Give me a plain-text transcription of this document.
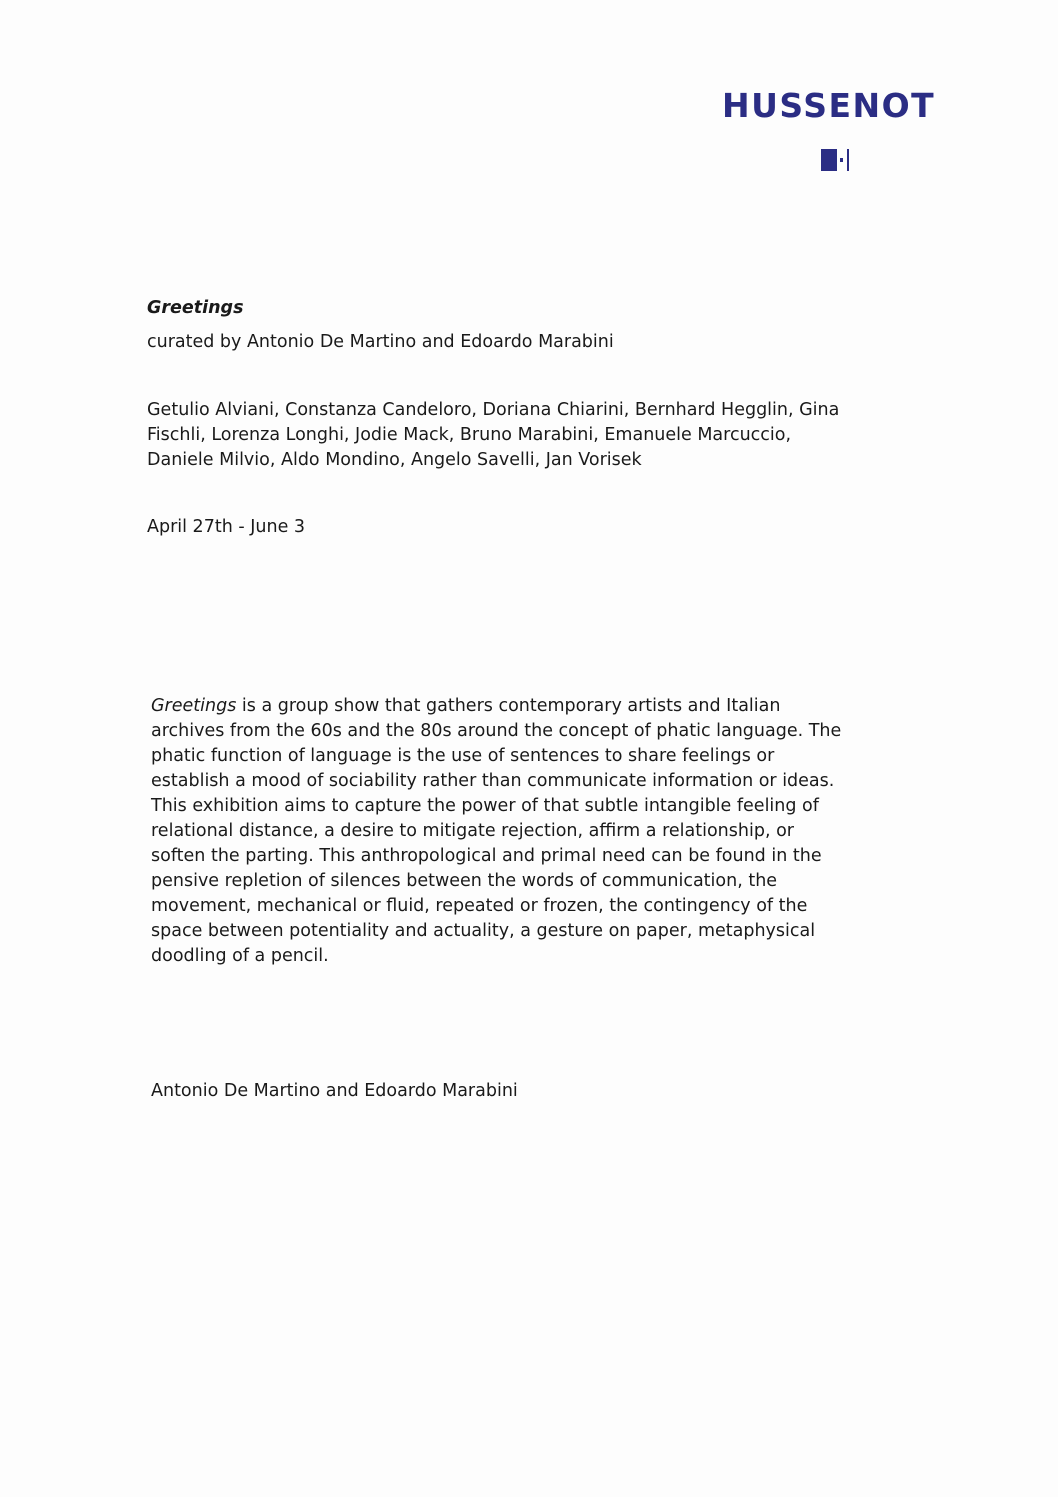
HUSSENOT
Greetings
curated by Antonio De Martino and Edoardo Marabini
Getulio Alviani, Constanza Candeloro, Doriana Chiarini, Bernhard Hegglin, Gina
Fischli, Lorenza Longhi, Jodie Mack, Bruno Marabini, Emanuele Marcuccio,
Daniele Milvio, Aldo Mondino, Angelo Savelli, Jan Vorisek
April 27th - June 3
Greetings is a group show that gathers contemporary artists and Italian
archives from the 60s and the 80s around the concept of phatic language. The
phatic function of language is the use of sentences to share feelings or
establish a mood of sociability rather than communicate information or ideas.
This exhibition aims to capture the power of that subtle intangible feeling of
relational distance, a desire to mitigate rejection, affirm a relationship, or
soften the parting. This anthropological and primal need can be found in the
pensive repletion of silences between the words of communication, the
movement, mechanical or fluid, repeated or frozen, the contingency of the
space between potentiality and actuality, a gesture on paper, metaphysical
doodling of a pencil.
Antonio De Martino and Edoardo Marabini
